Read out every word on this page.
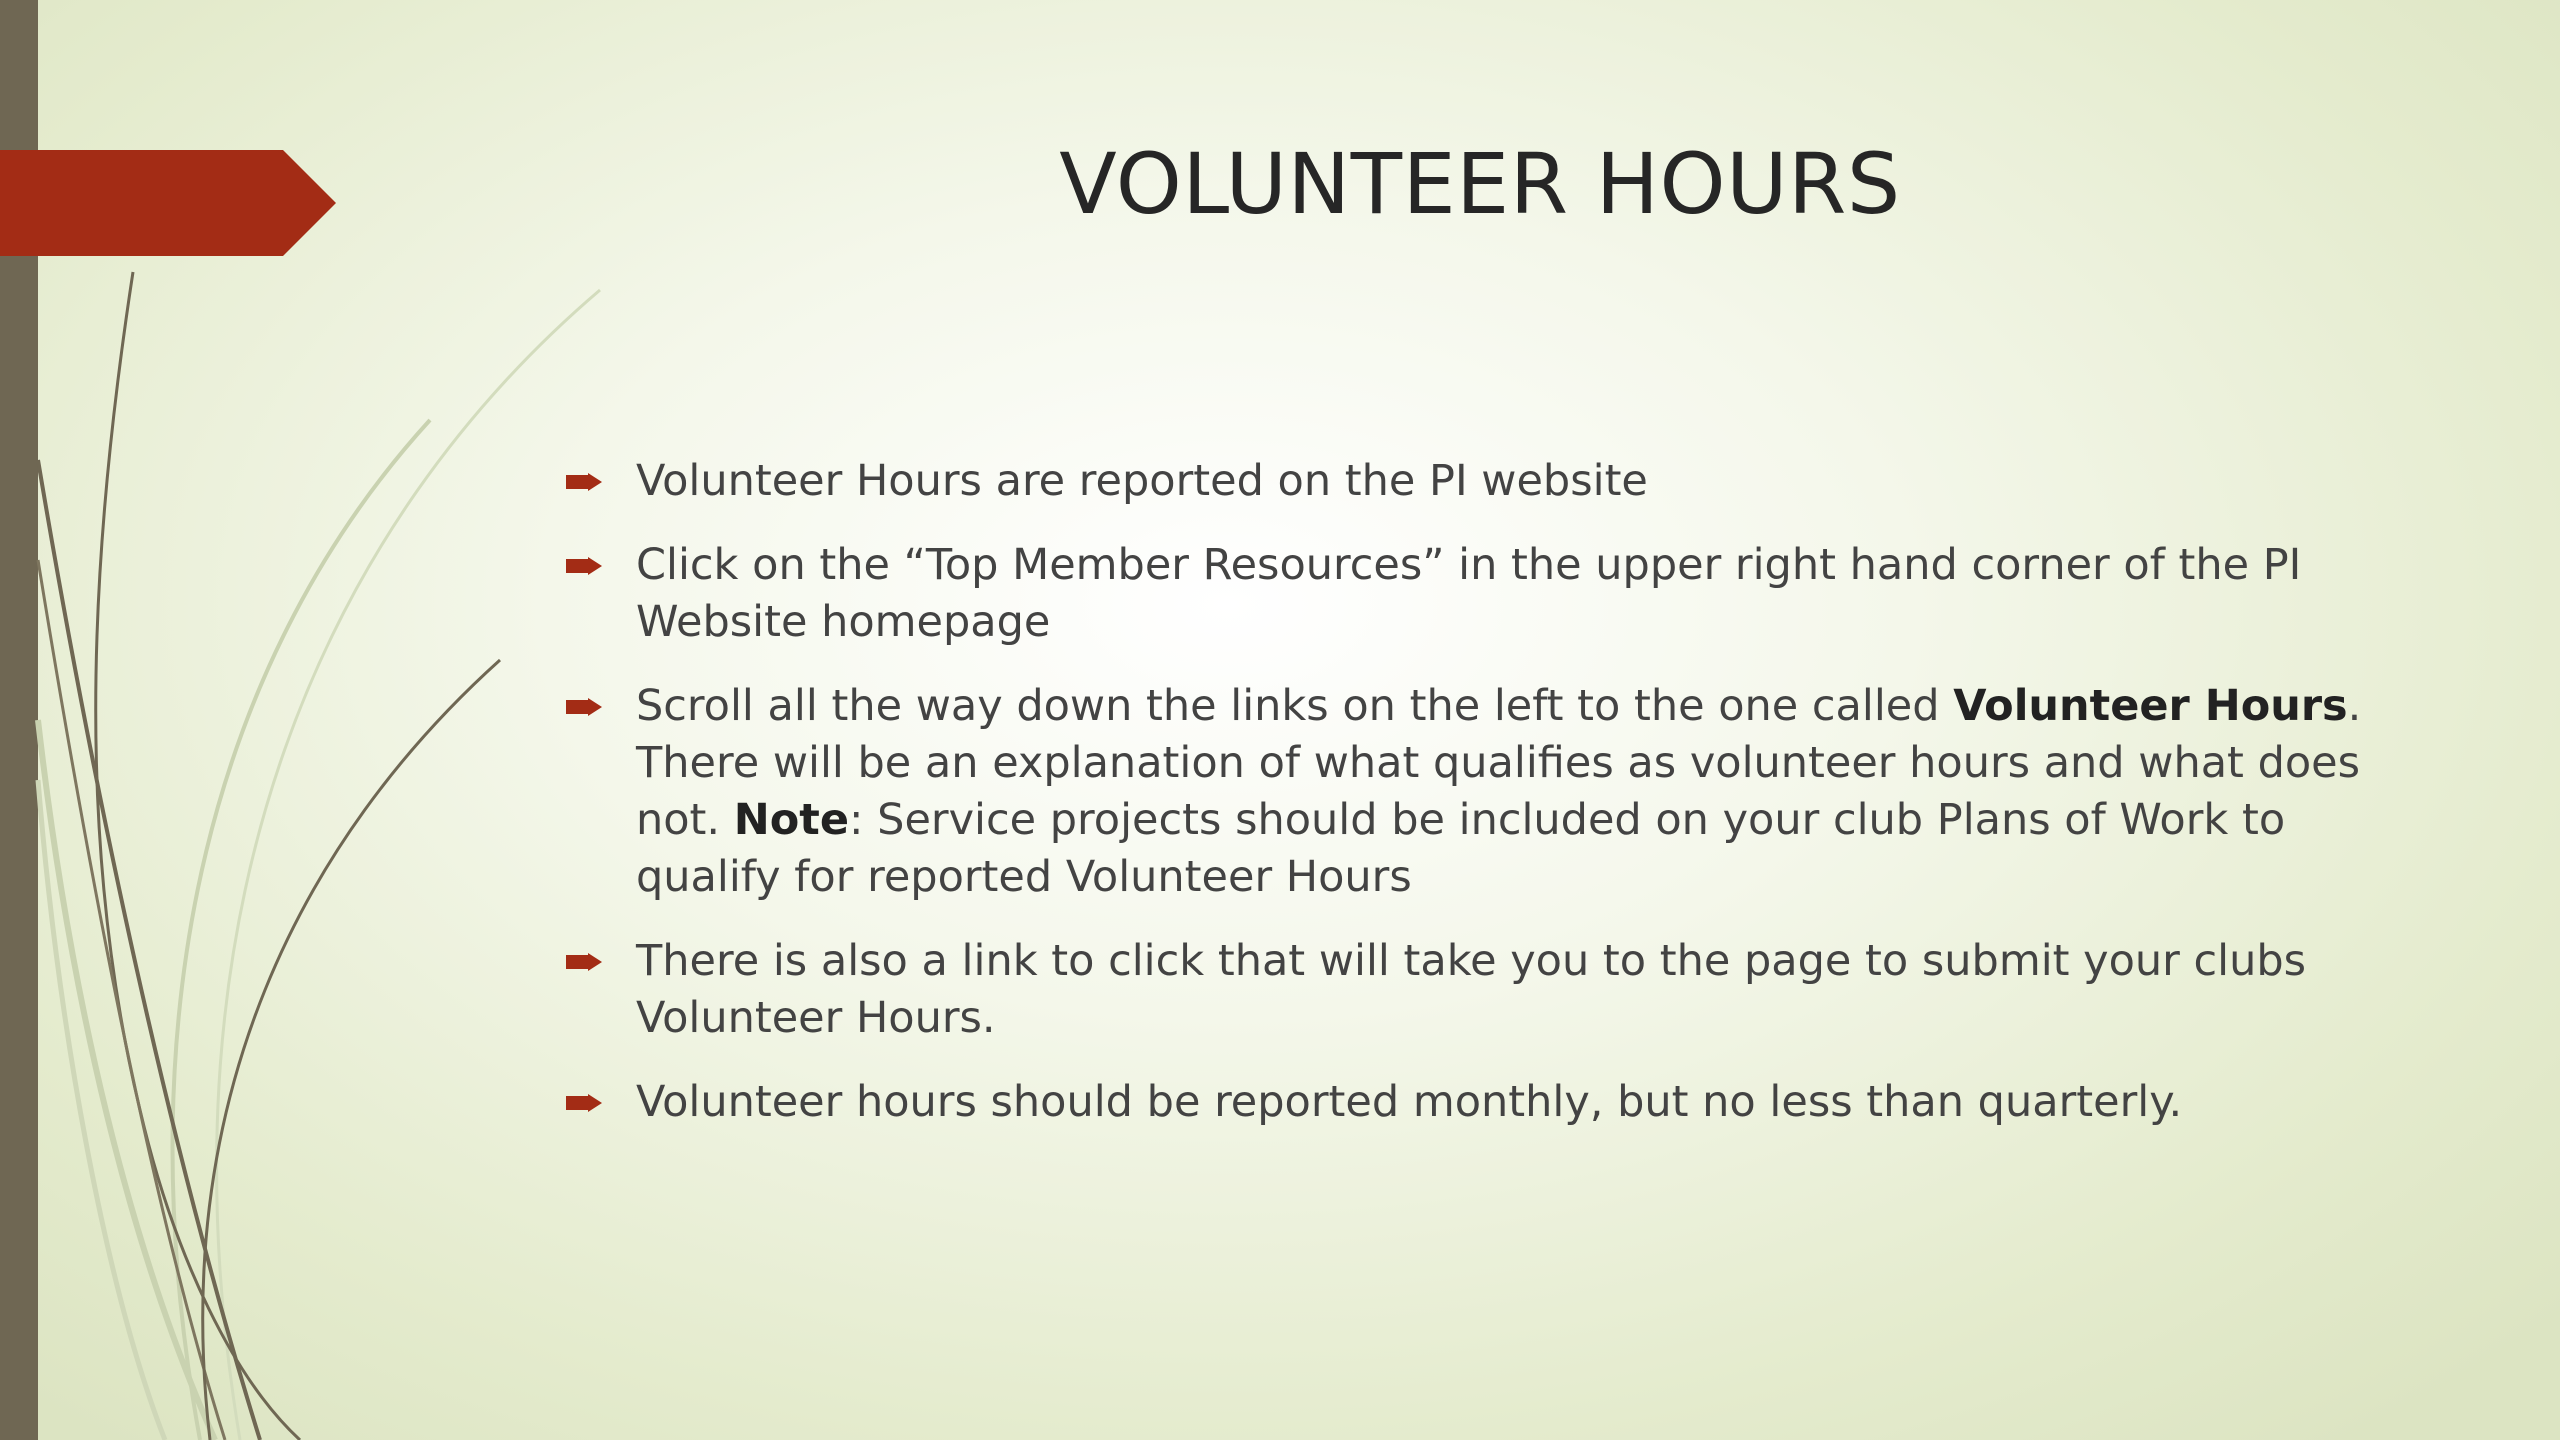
VOLUNTEER HOURS
Volunteer Hours are reported on the PI website
Click on the “Top Member Resources” in the upper right hand corner of the PI Website homepage
Scroll all the way down the links on the left to the one called Volunteer Hours. There will be an explanation of what qualifies as volunteer hours and what does not. Note: Service projects should be included on your club Plans of Work to qualify for reported Volunteer Hours
There is also a link to click that will take you to the page to submit your clubs Volunteer Hours.
Volunteer hours should be reported monthly, but no less than quarterly.
